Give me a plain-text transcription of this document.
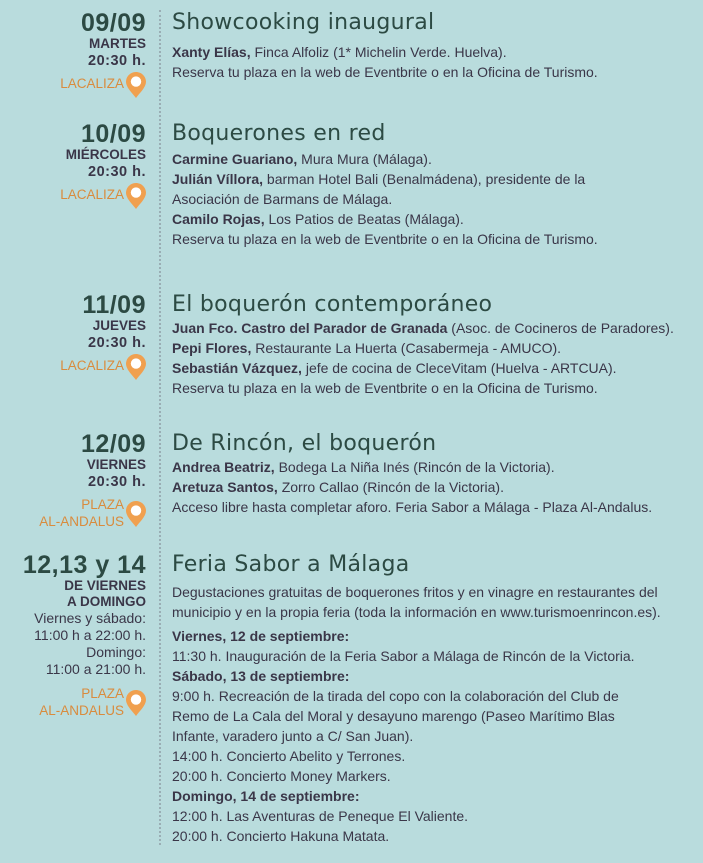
09/09
MARTES
20:30 h.
LACALIZA
Showcooking inaugural
Xanty Elías, Finca Alfoliz (1* Michelin Verde. Huelva).
Reserva tu plaza en la web de Eventbrite o en la Oficina de Turismo.
10/09
MIÉRCOLES
20:30 h.
LACALIZA
Boquerones en red
Carmine Guariano, Mura Mura (Málaga).
Julián Víllora, barman Hotel Bali (Benalmádena), presidente de la
Asociación de Barmans de Málaga.
Camilo Rojas, Los Patios de Beatas (Málaga).
Reserva tu plaza en la web de Eventbrite o en la Oficina de Turismo.
11/09
JUEVES
20:30 h.
LACALIZA
El boquerón contemporáneo
Juan Fco. Castro del Parador de Granada (Asoc. de Cocineros de Paradores).
Pepi Flores, Restaurante La Huerta (Casabermeja - AMUCO).
Sebastián Vázquez, jefe de cocina de CleceVitam (Huelva - ARTCUA).
Reserva tu plaza en la web de Eventbrite o en la Oficina de Turismo.
12/09
VIERNES
20:30 h.
PLAZA
AL-ANDALUS
De Rincón, el boquerón
Andrea Beatriz, Bodega La Niña Inés (Rincón de la Victoria).
Aretuza Santos, Zorro Callao (Rincón de la Victoria).
Acceso libre hasta completar aforo. Feria Sabor a Málaga - Plaza Al-Andalus.
12,13 y 14
DE VIERNES
A DOMINGO
Viernes y sábado:
11:00 h a 22:00 h.
Domingo:
11:00 a 21:00 h.
PLAZA
AL-ANDALUS
Feria Sabor a Málaga
Degustaciones gratuitas de boquerones fritos y en vinagre en restaurantes del
municipio y en la propia feria (toda la información en www.turismoenrincon.es).
Viernes, 12 de septiembre:
11:30 h. Inauguración de la Feria Sabor a Málaga de Rincón de la Victoria.
Sábado, 13 de septiembre:
9:00 h. Recreación de la tirada del copo con la colaboración del Club de
Remo de La Cala del Moral y desayuno marengo (Paseo Marítimo Blas
Infante, varadero junto a C/ San Juan).
14:00 h. Concierto Abelito y Terrones.
20:00 h. Concierto Money Markers.
Domingo, 14 de septiembre:
12:00 h. Las Aventuras de Peneque El Valiente.
20:00 h. Concierto Hakuna Matata.
